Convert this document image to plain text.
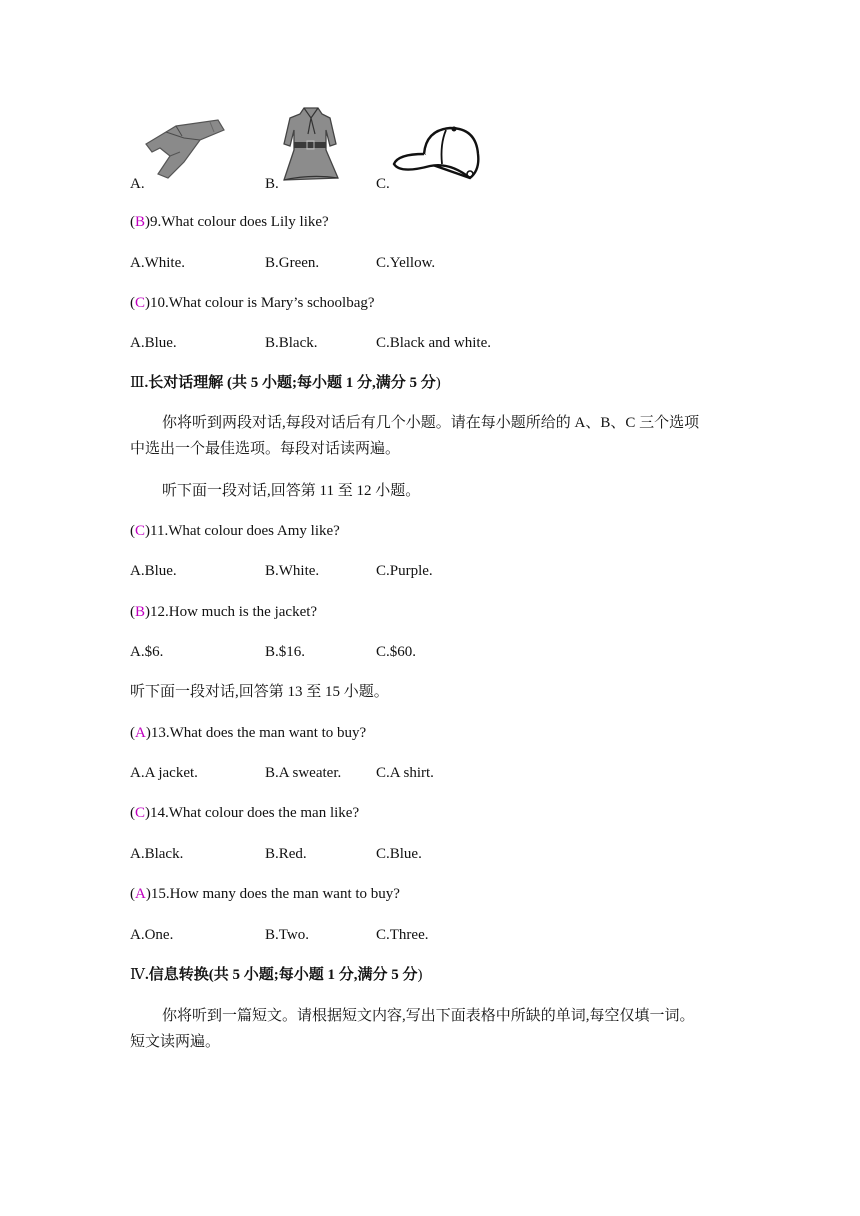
A.	B.	C.
(B)9.What colour does Lily like?
A.White.	B.Green.	C.Yellow.
(C)10.What colour is Mary’s schoolbag?
A.Blue.	B.Black.	C.Black and white.
Ⅲ.长对话理解 (共 5 小题;每小题 1 分,满分 5 分)
你将听到两段对话,每段对话后有几个小题。请在每小题所给的 A、B、C 三个选项
中选出一个最佳选项。每段对话读两遍。
听下面一段对话,回答第 11 至 12 小题。
(C)11.What colour does Amy like?
A.Blue.	B.White.	C.Purple.
(B)12.How much is the jacket?
A.$6.	B.$16.	C.$60.
听下面一段对话,回答第 13 至 15 小题。
(A)13.What does the man want to buy?
A.A jacket.	B.A sweater. C.A shirt.
(C)14.What colour does the man like?
A.Black.	B.Red.	C.Blue.
(A)15.How many does the man want to buy?
A.One.	B.Two.	C.Three.
Ⅳ.信息转换(共 5 小题;每小题 1 分,满分 5 分)
你将听到一篇短文。请根据短文内容,写出下面表格中所缺的单词,每空仅填一词。
短文读两遍。
